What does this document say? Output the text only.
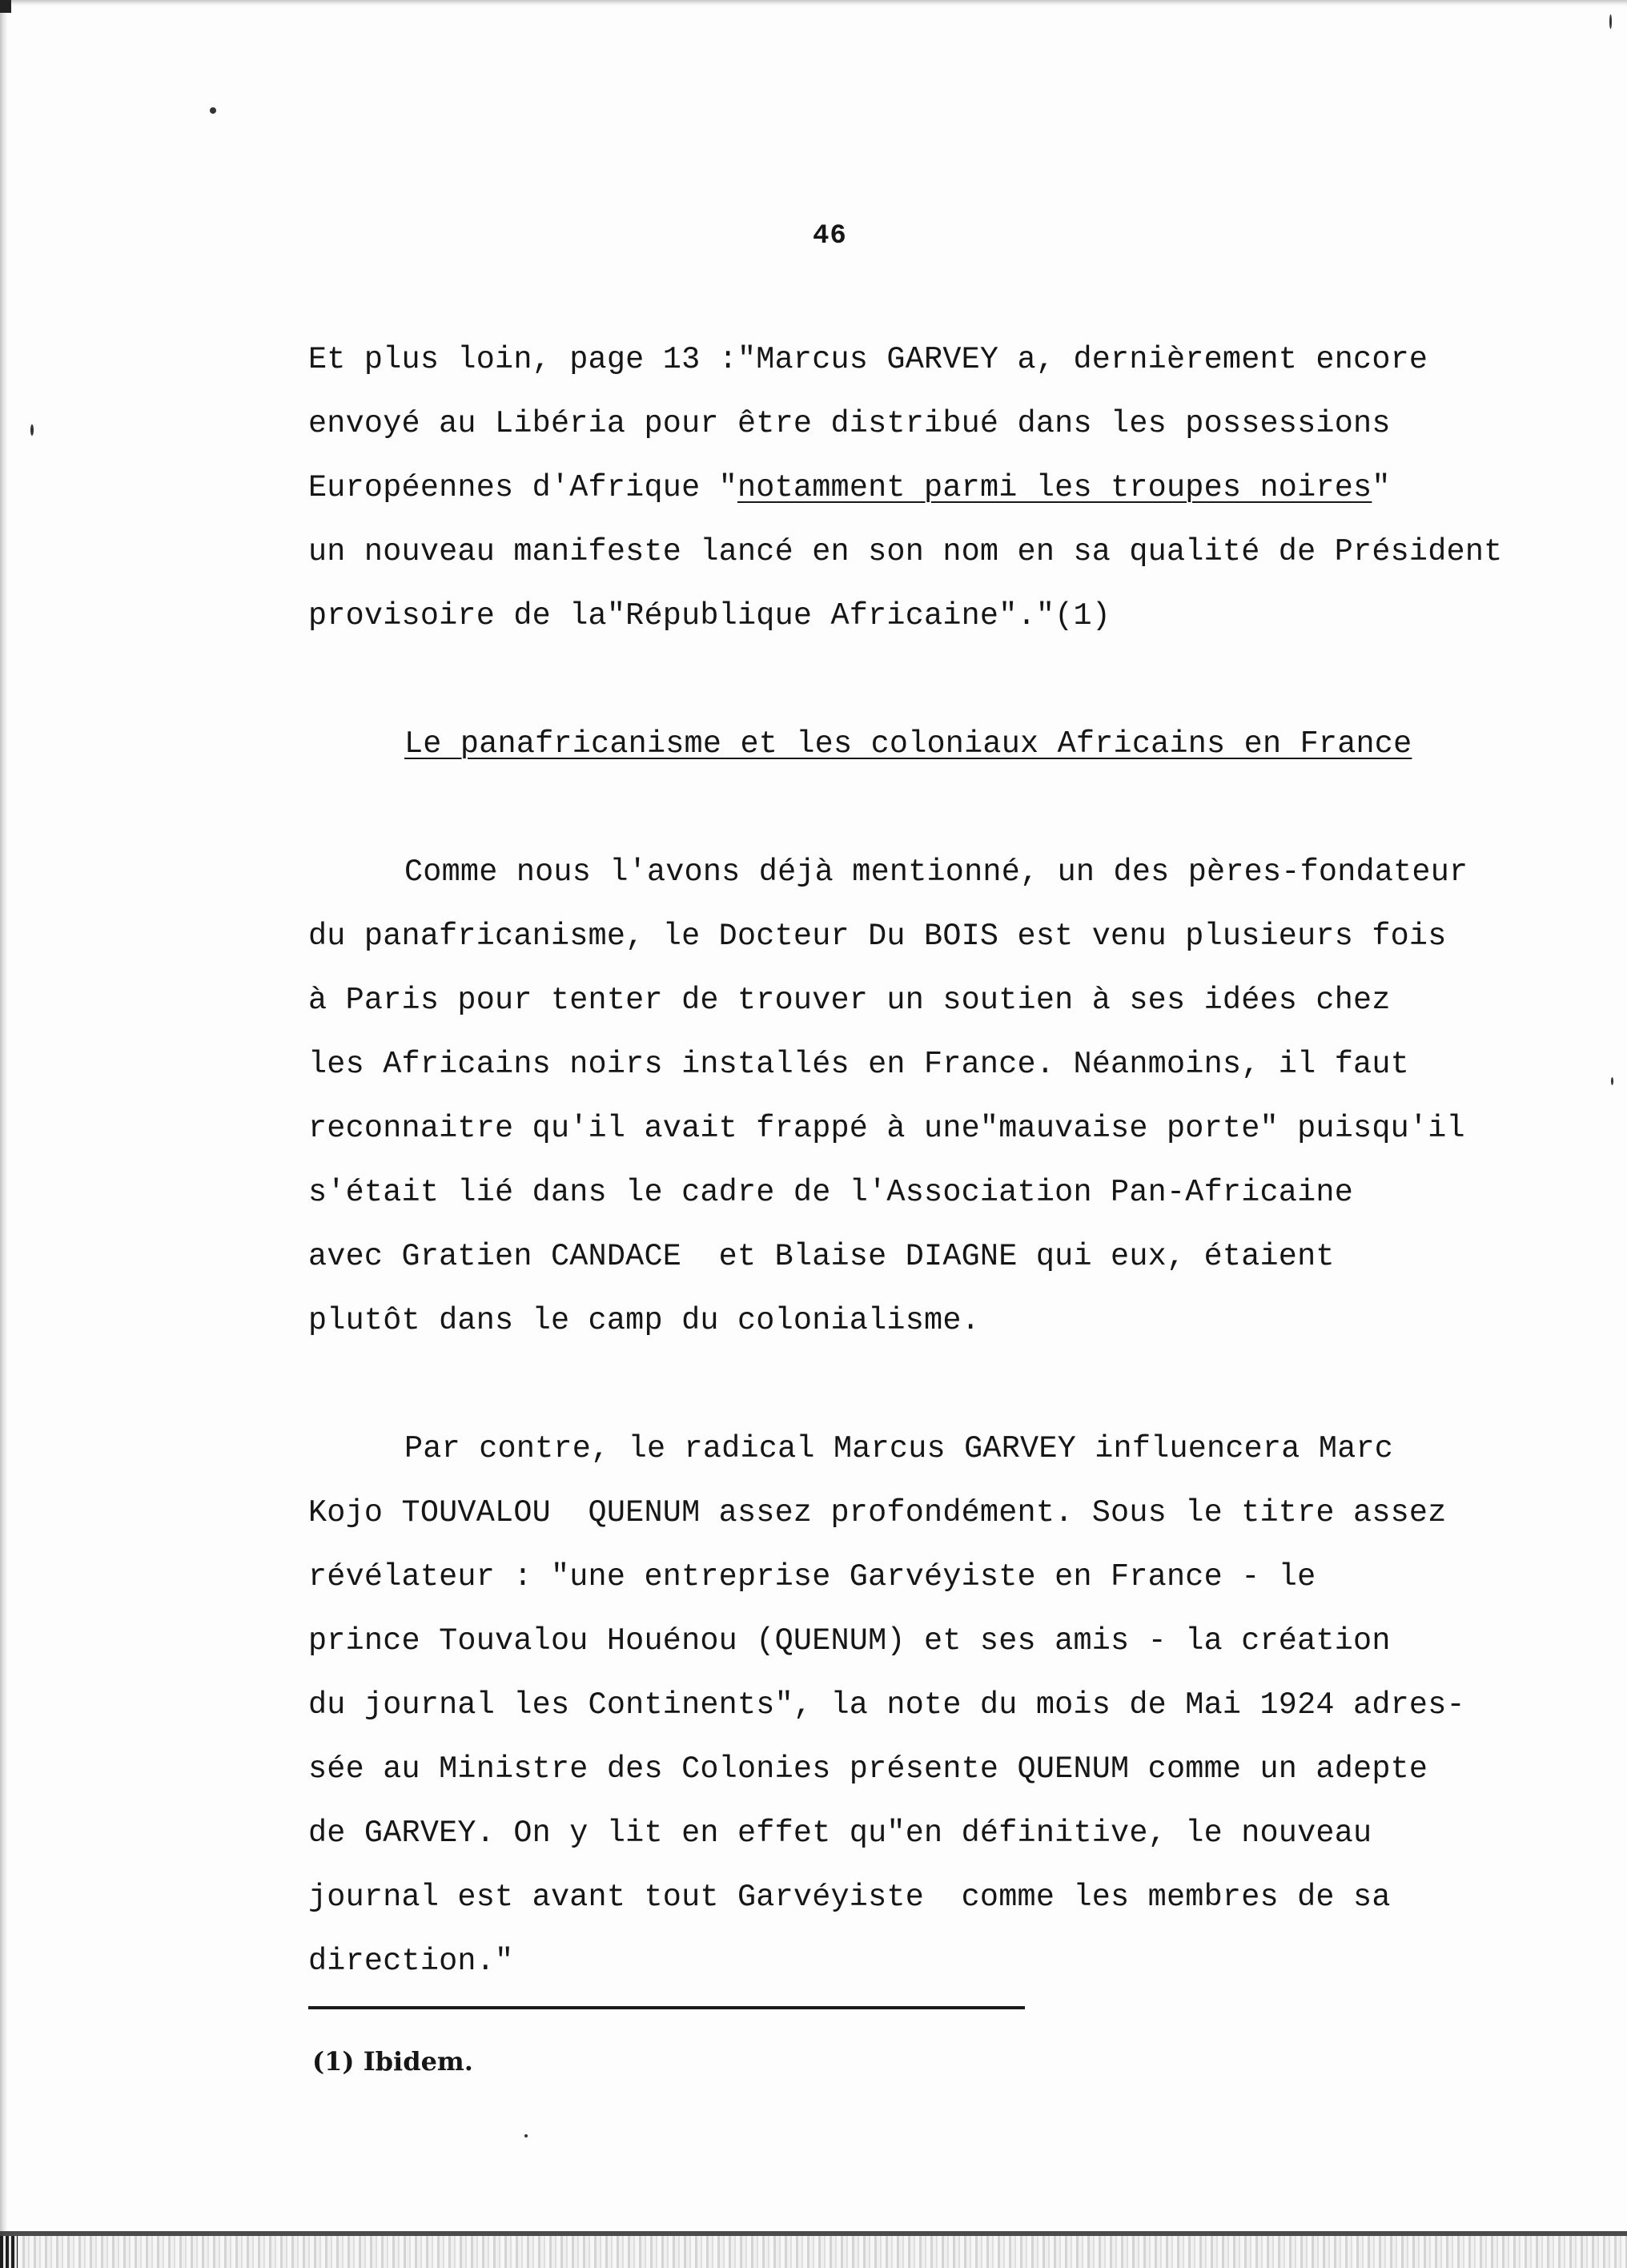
46
Et plus loin, page 13 :"Marcus GARVEY a, dernièrement encore
envoyé au Libéria pour être distribué dans les possessions
Européennes d'Afrique "notamment parmi les troupes noires"
un nouveau manifeste lancé en son nom en sa qualité de Président
provisoire de la"République Africaine"."(1)
Le panafricanisme et les coloniaux Africains en France
Comme nous l'avons déjà mentionné, un des pères-fondateur
du panafricanisme, le Docteur Du BOIS est venu plusieurs fois
à Paris pour tenter de trouver un soutien à ses idées chez
les Africains noirs installés en France. Néanmoins, il faut
reconnaitre qu'il avait frappé à une"mauvaise porte" puisqu'il
s'était lié dans le cadre de l'Association Pan-Africaine
avec Gratien CANDACE  et Blaise DIAGNE qui eux, étaient
plutôt dans le camp du colonialisme.
Par contre, le radical Marcus GARVEY influencera Marc
Kojo TOUVALOU  QUENUM assez profondément. Sous le titre assez
révélateur : "une entreprise Garvéyiste en France - le
prince Touvalou Houénou (QUENUM) et ses amis - la création
du journal les Continents", la note du mois de Mai 1924 adres-
sée au Ministre des Colonies présente QUENUM comme un adepte
de GARVEY. On y lit en effet qu"en définitive, le nouveau
journal est avant tout Garvéyiste  comme les membres de sa
direction."
(1) Ibidem.
